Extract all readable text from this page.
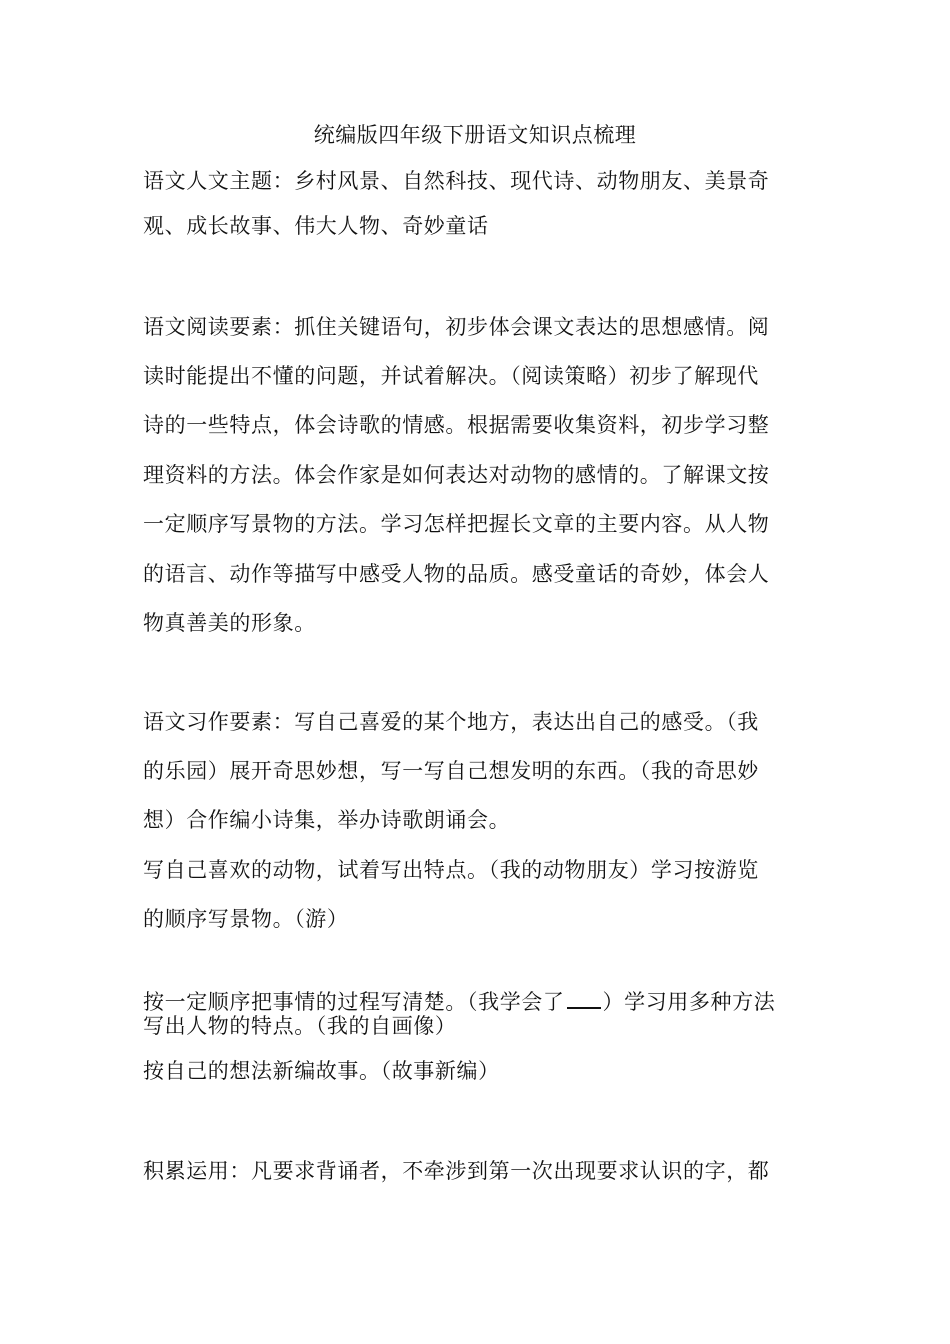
统编版四年级下册语文知识点梳理
语文人文主题：乡村风景、自然科技、现代诗、动物朋友、美景奇
观、成长故事、伟大人物、奇妙童话
语文阅读要素：抓住关键语句，初步体会课文表达的思想感情。阅
读时能提出不懂的问题，并试着解决。（阅读策略）初步了解现代
诗的一些特点，体会诗歌的情感。根据需要收集资料，初步学习整
理资料的方法。体会作家是如何表达对动物的感情的。了解课文按
一定顺序写景物的方法。学习怎样把握长文章的主要内容。从人物
的语言、动作等描写中感受人物的品质。感受童话的奇妙，体会人
物真善美的形象。
语文习作要素：写自己喜爱的某个地方，表达出自己的感受。（我
的乐园）展开奇思妙想，写一写自己想发明的东西。（我的奇思妙
想）合作编小诗集，举办诗歌朗诵会。
写自己喜欢的动物，试着写出特点。（我的动物朋友）学习按游览
的顺序写景物。（游）
按一定顺序把事情的过程写清楚。（我学会了 ）学习用多种方法
写出人物的特点。（我的自画像）
按自己的想法新编故事。（故事新编）
积累运用：凡要求背诵者，不牵涉到第一次出现要求认识的字，都
